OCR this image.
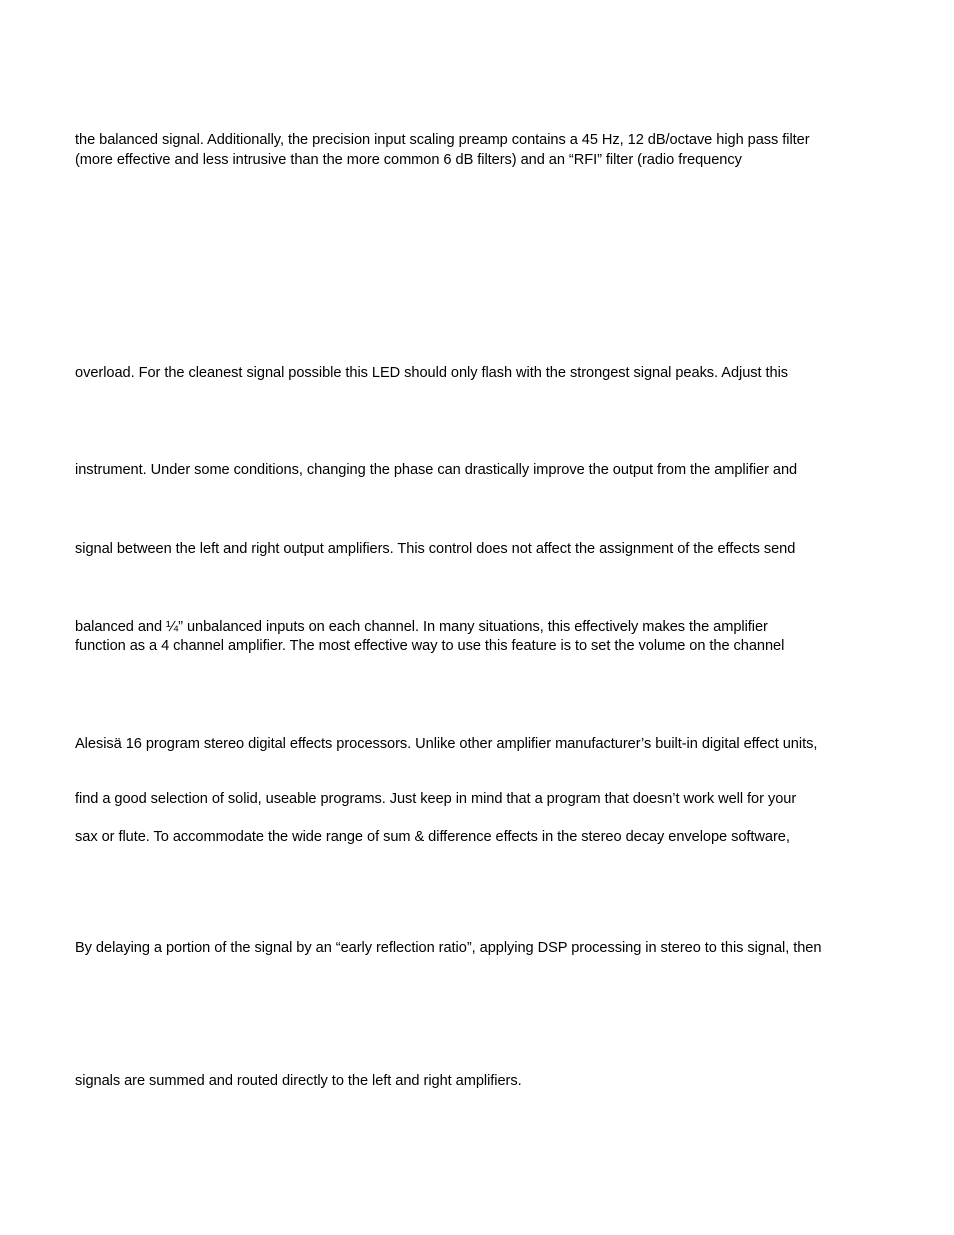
the balanced signal. Additionally, the precision input scaling preamp contains a 45 Hz, 12 dB/octave high pass filter
(more effective and less intrusive than the more common 6 dB filters) and an “RFI” filter (radio frequency
overload. For the cleanest signal possible this LED should only flash with the strongest signal peaks. Adjust this
instrument. Under some conditions, changing the phase can drastically improve the output from the amplifier and
signal between the left and right output amplifiers. This control does not affect the assignment of the effects send
balanced and ¼” unbalanced inputs on each channel. In many situations, this effectively makes the amplifier
function as a 4 channel amplifier. The most effective way to use this feature is to set the volume on the channel
Alesisä 16 program stereo digital effects processors. Unlike other amplifier manufacturer’s built-in digital effect units,
find a good selection of solid, useable programs. Just keep in mind that a program that doesn’t work well for your
sax or flute. To accommodate the wide range of sum & difference effects in the stereo decay envelope software,
By delaying a portion of the signal by an “early reflection ratio”, applying DSP processing in stereo to this signal, then
signals are summed and routed directly to the left and right amplifiers.
